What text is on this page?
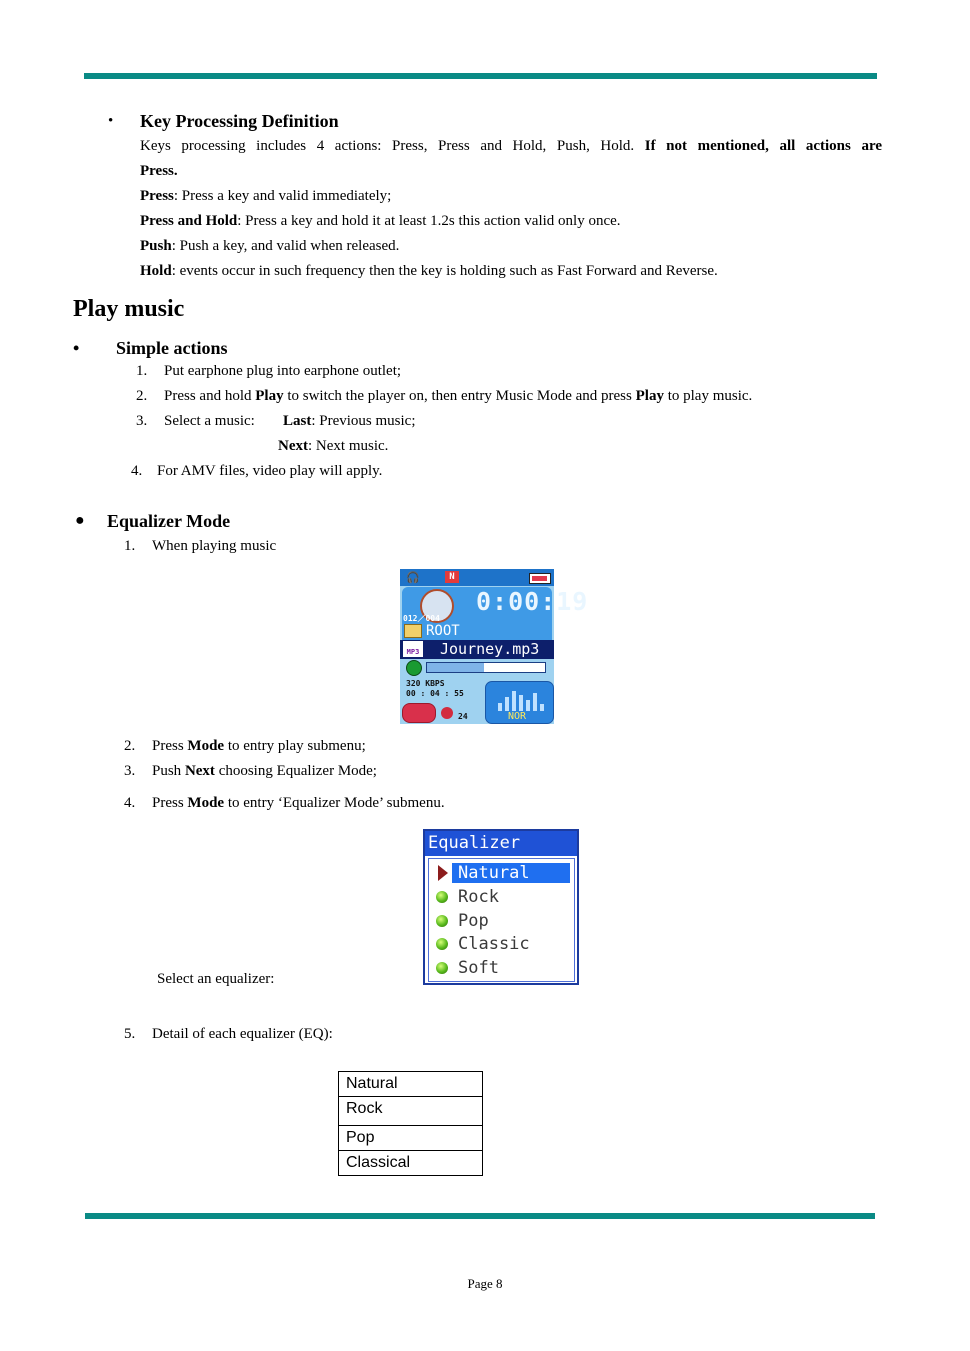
• Key Processing Definition
Keys processing includes 4 actions: Press, Press and Hold, Push, Hold. If not mentioned, all actions are
Press.
Press: Press a key and valid immediately;
Press and Hold: Press a key and hold it at least 1.2s this action valid only once.
Push: Push a key, and valid when released.
Hold: events occur in such frequency then the key is holding such as Fast Forward and Reverse.
Play music
• Simple actions
1. Put earphone plug into earphone outlet;
2. Press and hold Play to switch the player on, then entry Music Mode and press Play to play music.
3. Select a music: Last: Previous music;
Next: Next music.
4. For AMV files, video play will apply.
● Equalizer Mode
1. When playing music
🎧	N
0:00:19
012／004
ROOT
MP3 Journey.mp3
320 KBPS
00 : 04 : 55
24	NOR
2. Press Mode to entry play submenu;
3. Push Next choosing Equalizer Mode;
4. Press Mode to entry ‘Equalizer Mode’ submenu.
Equalizer
Natural
Rock
Pop
Classic
Soft
Select an equalizer:
5. Detail of each equalizer (EQ):
Natural
Rock
Pop
Classical
Page 8
